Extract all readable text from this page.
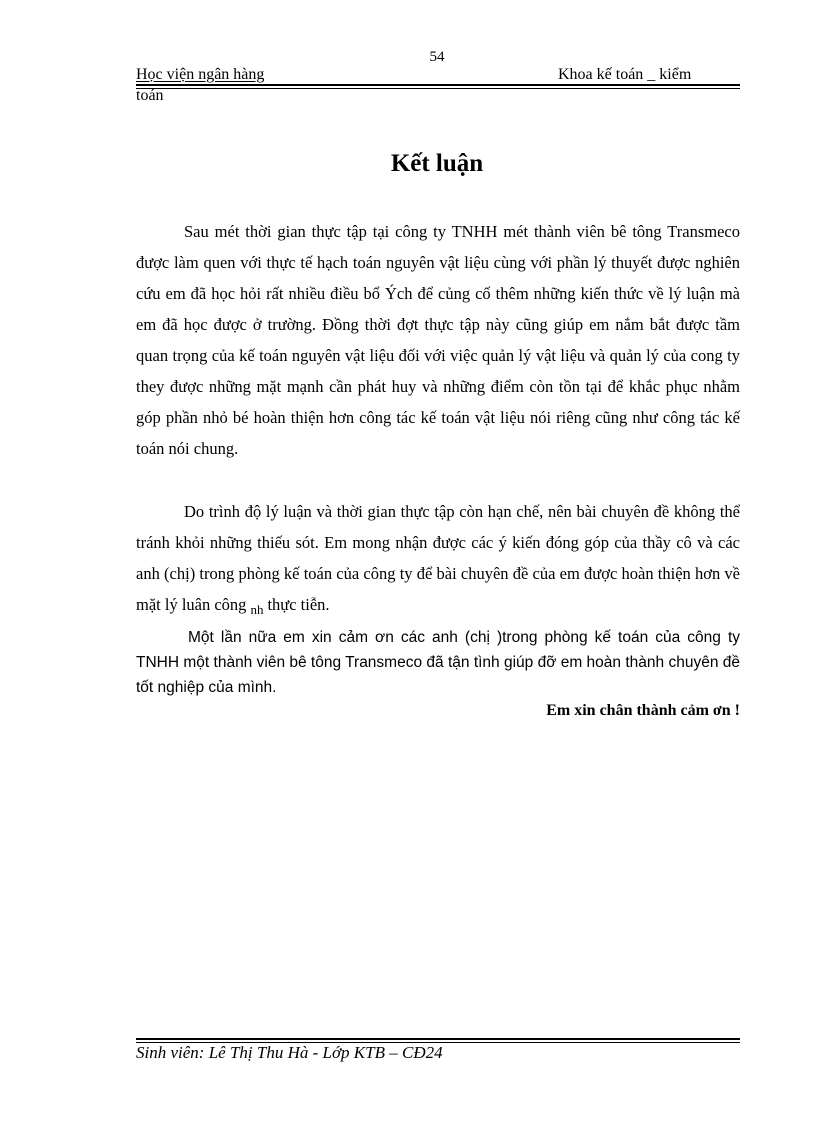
54
Học viện ngân hàng	Khoa kế toán _ kiểm
toán
Kết luận

Sau mét thời gian thực tập tại công ty TNHH mét thành viên bê tông Transmeco được làm quen với thực tế hạch toán nguyên vật liệu cùng với phần lý thuyết được nghiên cứu em đã học hỏi rất nhiều điều bổ Ých để củng cố thêm những kiến thức về lý luận mà em đã học được ở trường. Đồng thời đợt thực tập này cũng giúp em nắm bắt được tầm quan trọng của kế toán nguyên vật liệu đối với việc quản lý vật liệu và quản lý của cong ty they được những mặt mạnh cần phát huy và những điểm còn tồn tại để khắc phục nhằm góp phần nhỏ bé hoàn thiện hơn công tác kế toán vật liệu nói riêng cũng như công tác kế toán nói chung.

Do trình độ lý luận và thời gian thực tập còn hạn chế, nên bài chuyên đề không thể tránh khỏi những thiếu sót. Em mong nhận được các ý kiến đóng góp của thầy cô và các anh (chị) trong phòng kế toán của công ty để bài chuyên đề của em được hoàn thiện hơn về mặt lý luân công $_{nh}$ thực tiễn.

Một lần nữa em xin cảm ơn các anh (chị )trong phòng kế toán của công ty TNHH một thành viên bê tông Transmeco đã tận tình giúp đỡ em hoàn thành chuyên đề tốt nghiệp của mình.

Em xin chân thành cảm ơn !
Sinh viên: Lê Thị Thu Hà - Lớp KTB – CĐ24
